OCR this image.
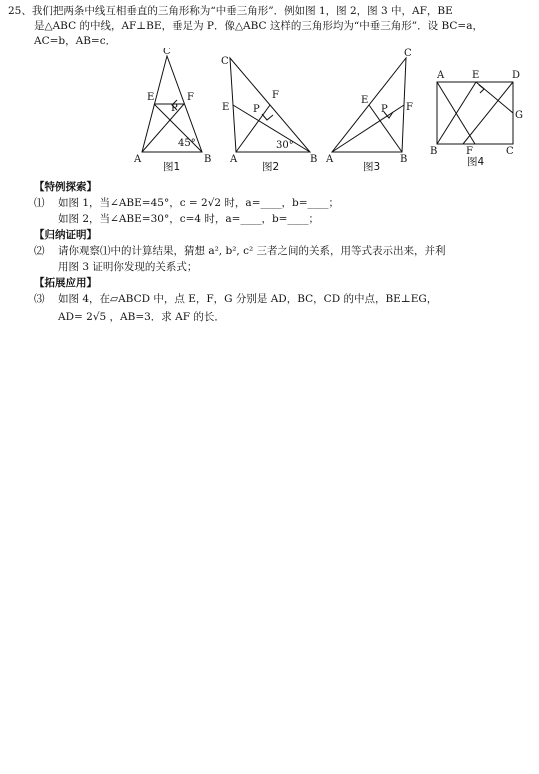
25、我们把两条中线互相垂直的三角形称为“中垂三角形”．例如图 1，图 2，图 3 中，AF，BE
是△ABC 的中线，AF⊥BE，垂足为 P．像△ABC 这样的三角形均为“中垂三角形”．设 BC=a，
AC=b，AB=c．
C
E	F
P
45°
A	B
图1
C
E
F
P
30°
A	B
图2
C
E
F
P
A	B
图3
A	E	D
G
B	F	C
图4
【特例探索】
⑴ 如图 1，当∠ABE=45°，c = 2√2 时，a=____，b=____；
如图 2，当∠ABE=30°，c=4 时，a=____，b=____；
【归纳证明】
⑵ 请你观察⑴中的计算结果，猜想 a², b², c² 三者之间的关系，用等式表示出来，并利
用图 3 证明你发现的关系式；
【拓展应用】
⑶ 如图 4，在▱ABCD 中，点 E，F，G 分别是 AD，BC，CD 的中点，BE⊥EG，
AD= 2√5 ，AB=3．求 AF 的长．
